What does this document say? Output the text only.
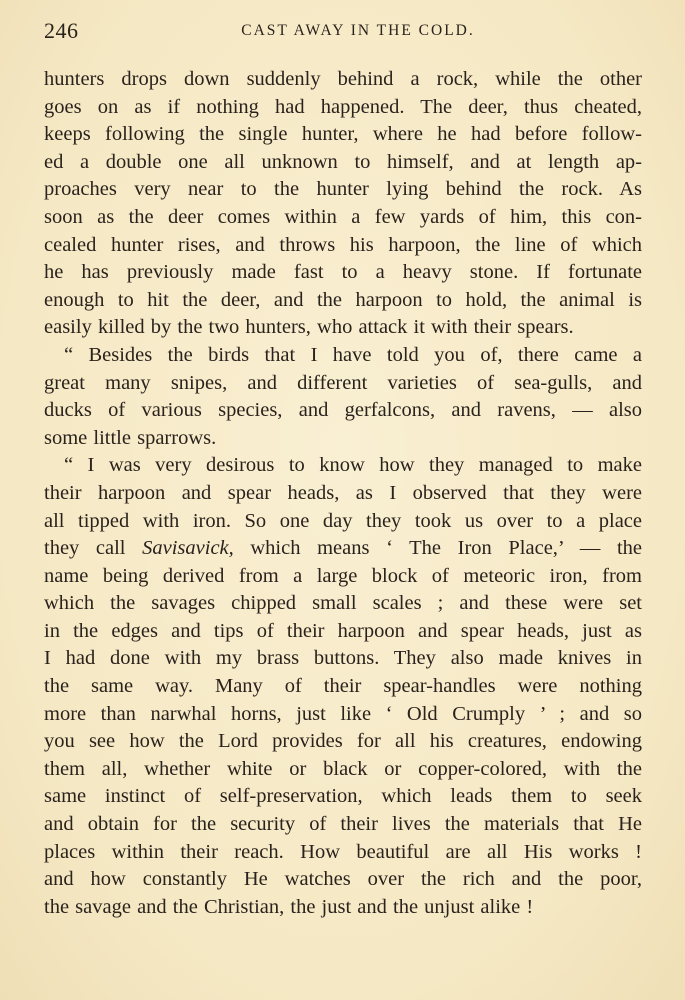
246	CAST AWAY IN THE COLD.
hunters drops down suddenly behind a rock, while the other
goes on as if nothing had happened. The deer, thus cheated,
keeps following the single hunter, where he had before follow-
ed a double one all unknown to himself, and at length ap-
proaches very near to the hunter lying behind the rock. As
soon as the deer comes within a few yards of him, this con-
cealed hunter rises, and throws his harpoon, the line of which
he has previously made fast to a heavy stone. If fortunate
enough to hit the deer, and the harpoon to hold, the animal is
easily killed by the two hunters, who attack it with their spears.
“ Besides the birds that I have told you of, there came a
great many snipes, and different varieties of sea-gulls, and
ducks of various species, and gerfalcons, and ravens, — also
some little sparrows.
“ I was very desirous to know how they managed to make
their harpoon and spear heads, as I observed that they were
all tipped with iron. So one day they took us over to a place
they call Savisavick, which means ‘ The Iron Place,’ — the
name being derived from a large block of meteoric iron, from
which the savages chipped small scales ; and these were set
in the edges and tips of their harpoon and spear heads, just as
I had done with my brass buttons. They also made knives in
the same way. Many of their spear-handles were nothing
more than narwhal horns, just like ‘ Old Crumply ’ ; and so
you see how the Lord provides for all his creatures, endowing
them all, whether white or black or copper-colored, with the
same instinct of self-preservation, which leads them to seek
and obtain for the security of their lives the materials that He
places within their reach. How beautiful are all His works !
and how constantly He watches over the rich and the poor,
the savage and the Christian, the just and the unjust alike !
